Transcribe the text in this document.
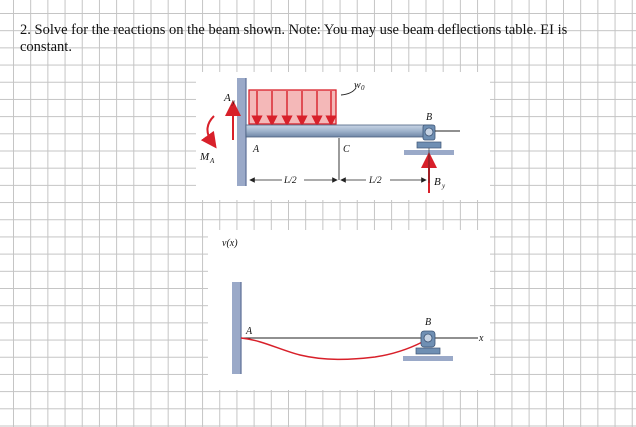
2. Solve for the reactions on the beam shown. Note: You may use beam deflections table. EI is constant.
w 0
B
B y
A y
M A
A	C
L/2	L/2
v(x)
x
A
B
